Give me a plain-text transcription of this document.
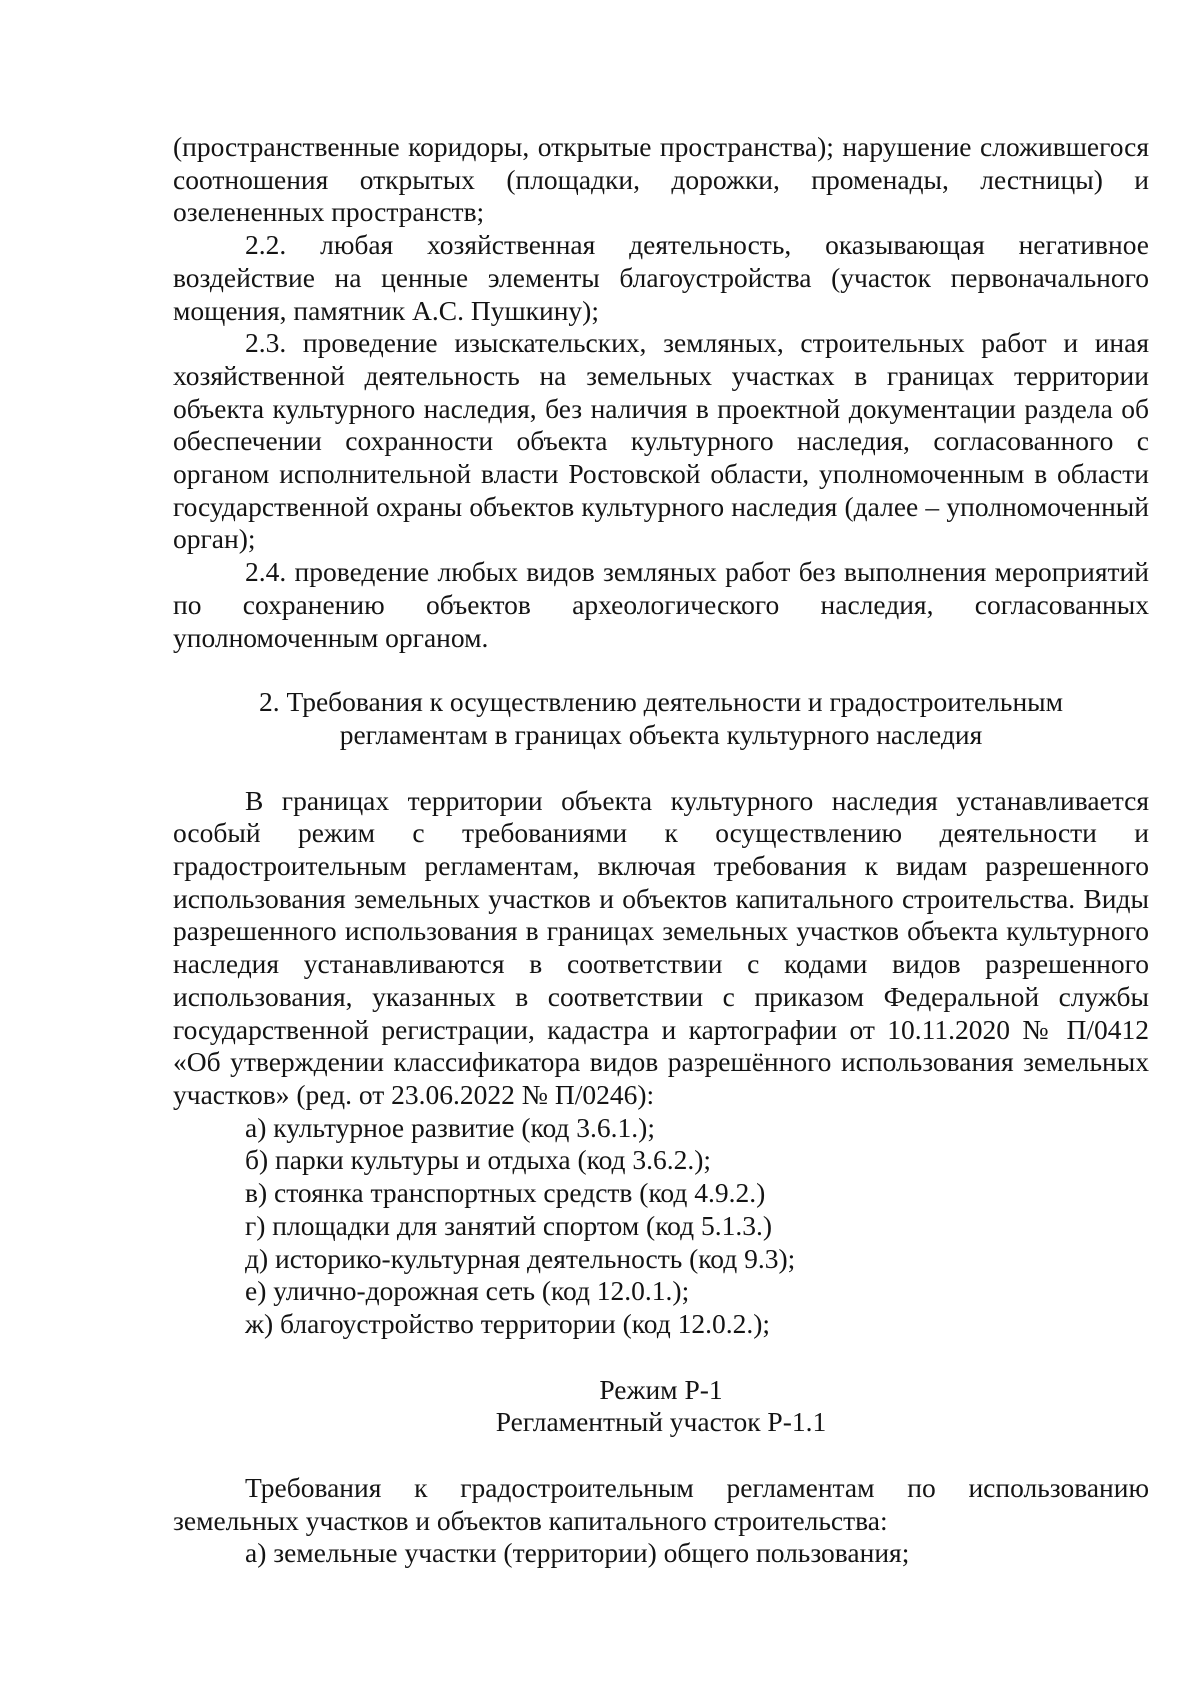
(пространственные коридоры, открытые пространства); нарушение сложившегося соотношения открытых (площадки, дорожки, променады, лестницы) и озелененных пространств;

2.2. любая хозяйственная деятельность, оказывающая негативное воздействие на ценные элементы благоустройства (участок первоначального мощения, памятник А.С. Пушкину);

2.3. проведение изыскательских, земляных, строительных работ и иная хозяйственной деятельность на земельных участках в границах территории объекта культурного наследия, без наличия в проектной документации раздела об обеспечении сохранности объекта культурного наследия, согласованного с органом исполнительной власти Ростовской области, уполномоченным в области государственной охраны объектов культурного наследия (далее – уполномоченный орган);

2.4. проведение любых видов земляных работ без выполнения мероприятий по сохранению объектов археологического наследия, согласованных уполномоченным органом.

2. Требования к осуществлению деятельности и градостроительным

регламентам в границах объекта культурного наследия

В границах территории объекта культурного наследия устанавливается особый режим с требованиями к осуществлению деятельности и градостроительным регламентам, включая требования к видам разрешенного использования земельных участков и объектов капитального строительства. Виды разрешенного использования в границах земельных участков объекта культурного наследия устанавливаются в соответствии с кодами видов разрешенного использования, указанных в соответствии с приказом Федеральной службы государственной регистрации, кадастра и картографии от 10.11.2020 № П/0412 «Об утверждении классификатора видов разрешённого использования земельных участков» (ред. от 23.06.2022 № П/0246):

а) культурное развитие (код 3.6.1.);

б) парки культуры и отдыха (код 3.6.2.);

в) стоянка транспортных средств (код 4.9.2.)

г) площадки для занятий спортом (код 5.1.3.)

д) историко-культурная деятельность (код 9.3);

е) улично-дорожная сеть (код 12.0.1.);

ж) благоустройство территории (код 12.0.2.);

Режим Р-1

Регламентный участок Р-1.1

Требования к градостроительным регламентам по использованию земельных участков и объектов капитального строительства:

а) земельные участки (территории) общего пользования;
